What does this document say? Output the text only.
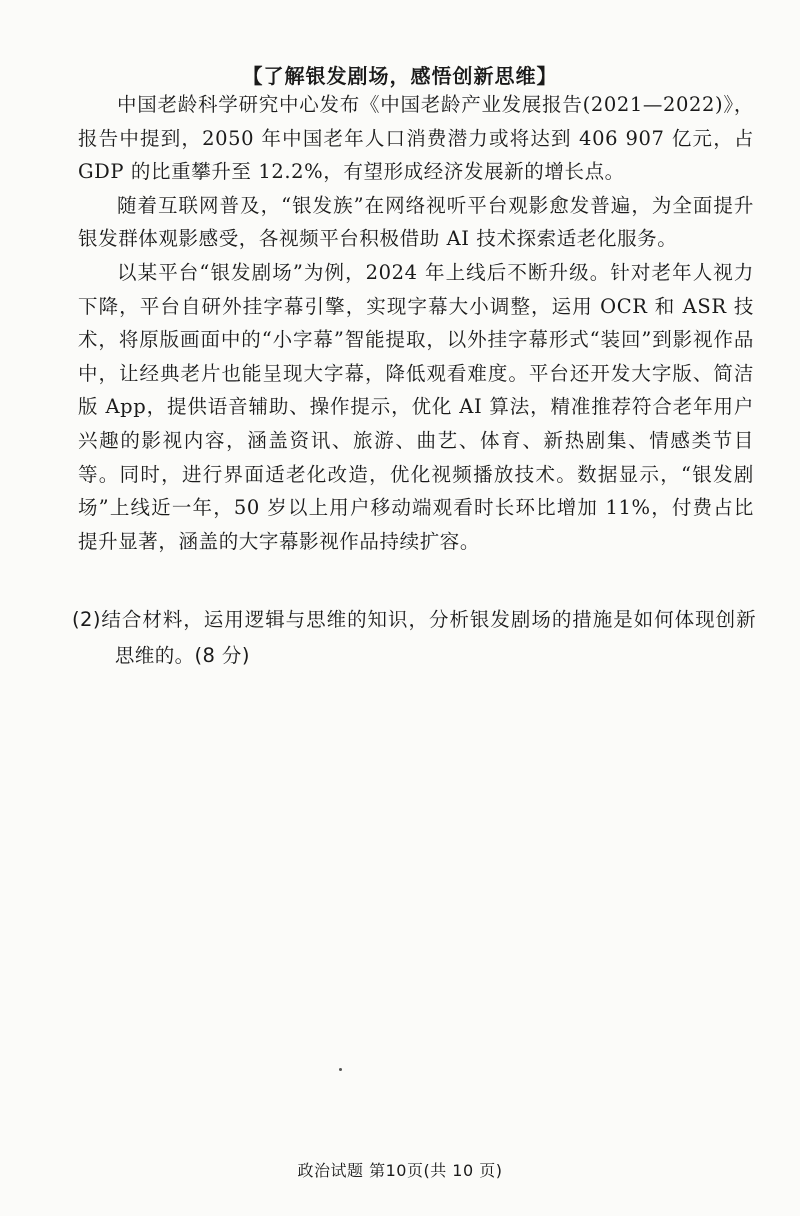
【了解银发剧场，感悟创新思维】

中国老龄科学研究中心发布《中国老龄产业发展报告(2021—2022)》，报告中提到，2050 年中国老年人口消费潜力或将达到 406 907 亿元，占 GDP 的比重攀升至 12.2%，有望形成经济发展新的增长点。

随着互联网普及，“银发族”在网络视听平台观影愈发普遍，为全面提升银发群体观影感受，各视频平台积极借助 AI 技术探索适老化服务。

以某平台“银发剧场”为例，2024 年上线后不断升级。针对老年人视力下降，平台自研外挂字幕引擎，实现字幕大小调整，运用 OCR 和 ASR 技术，将原版画面中的“小字幕”智能提取，以外挂字幕形式“装回”到影视作品中，让经典老片也能呈现大字幕，降低观看难度。平台还开发大字版、简洁版 App，提供语音辅助、操作提示，优化 AI 算法，精准推荐符合老年用户兴趣的影视内容，涵盖资讯、旅游、曲艺、体育、新热剧集、情感类节目等。同时，进行界面适老化改造，优化视频播放技术。数据显示，“银发剧场”上线近一年，50 岁以上用户移动端观看时长环比增加 11%，付费占比提升显著，涵盖的大字幕影视作品持续扩容。

(2)结合材料，运用逻辑与思维的知识，分析银发剧场的措施是如何体现创新思维的。(8 分)
政治试题 第10页(共 10 页)
